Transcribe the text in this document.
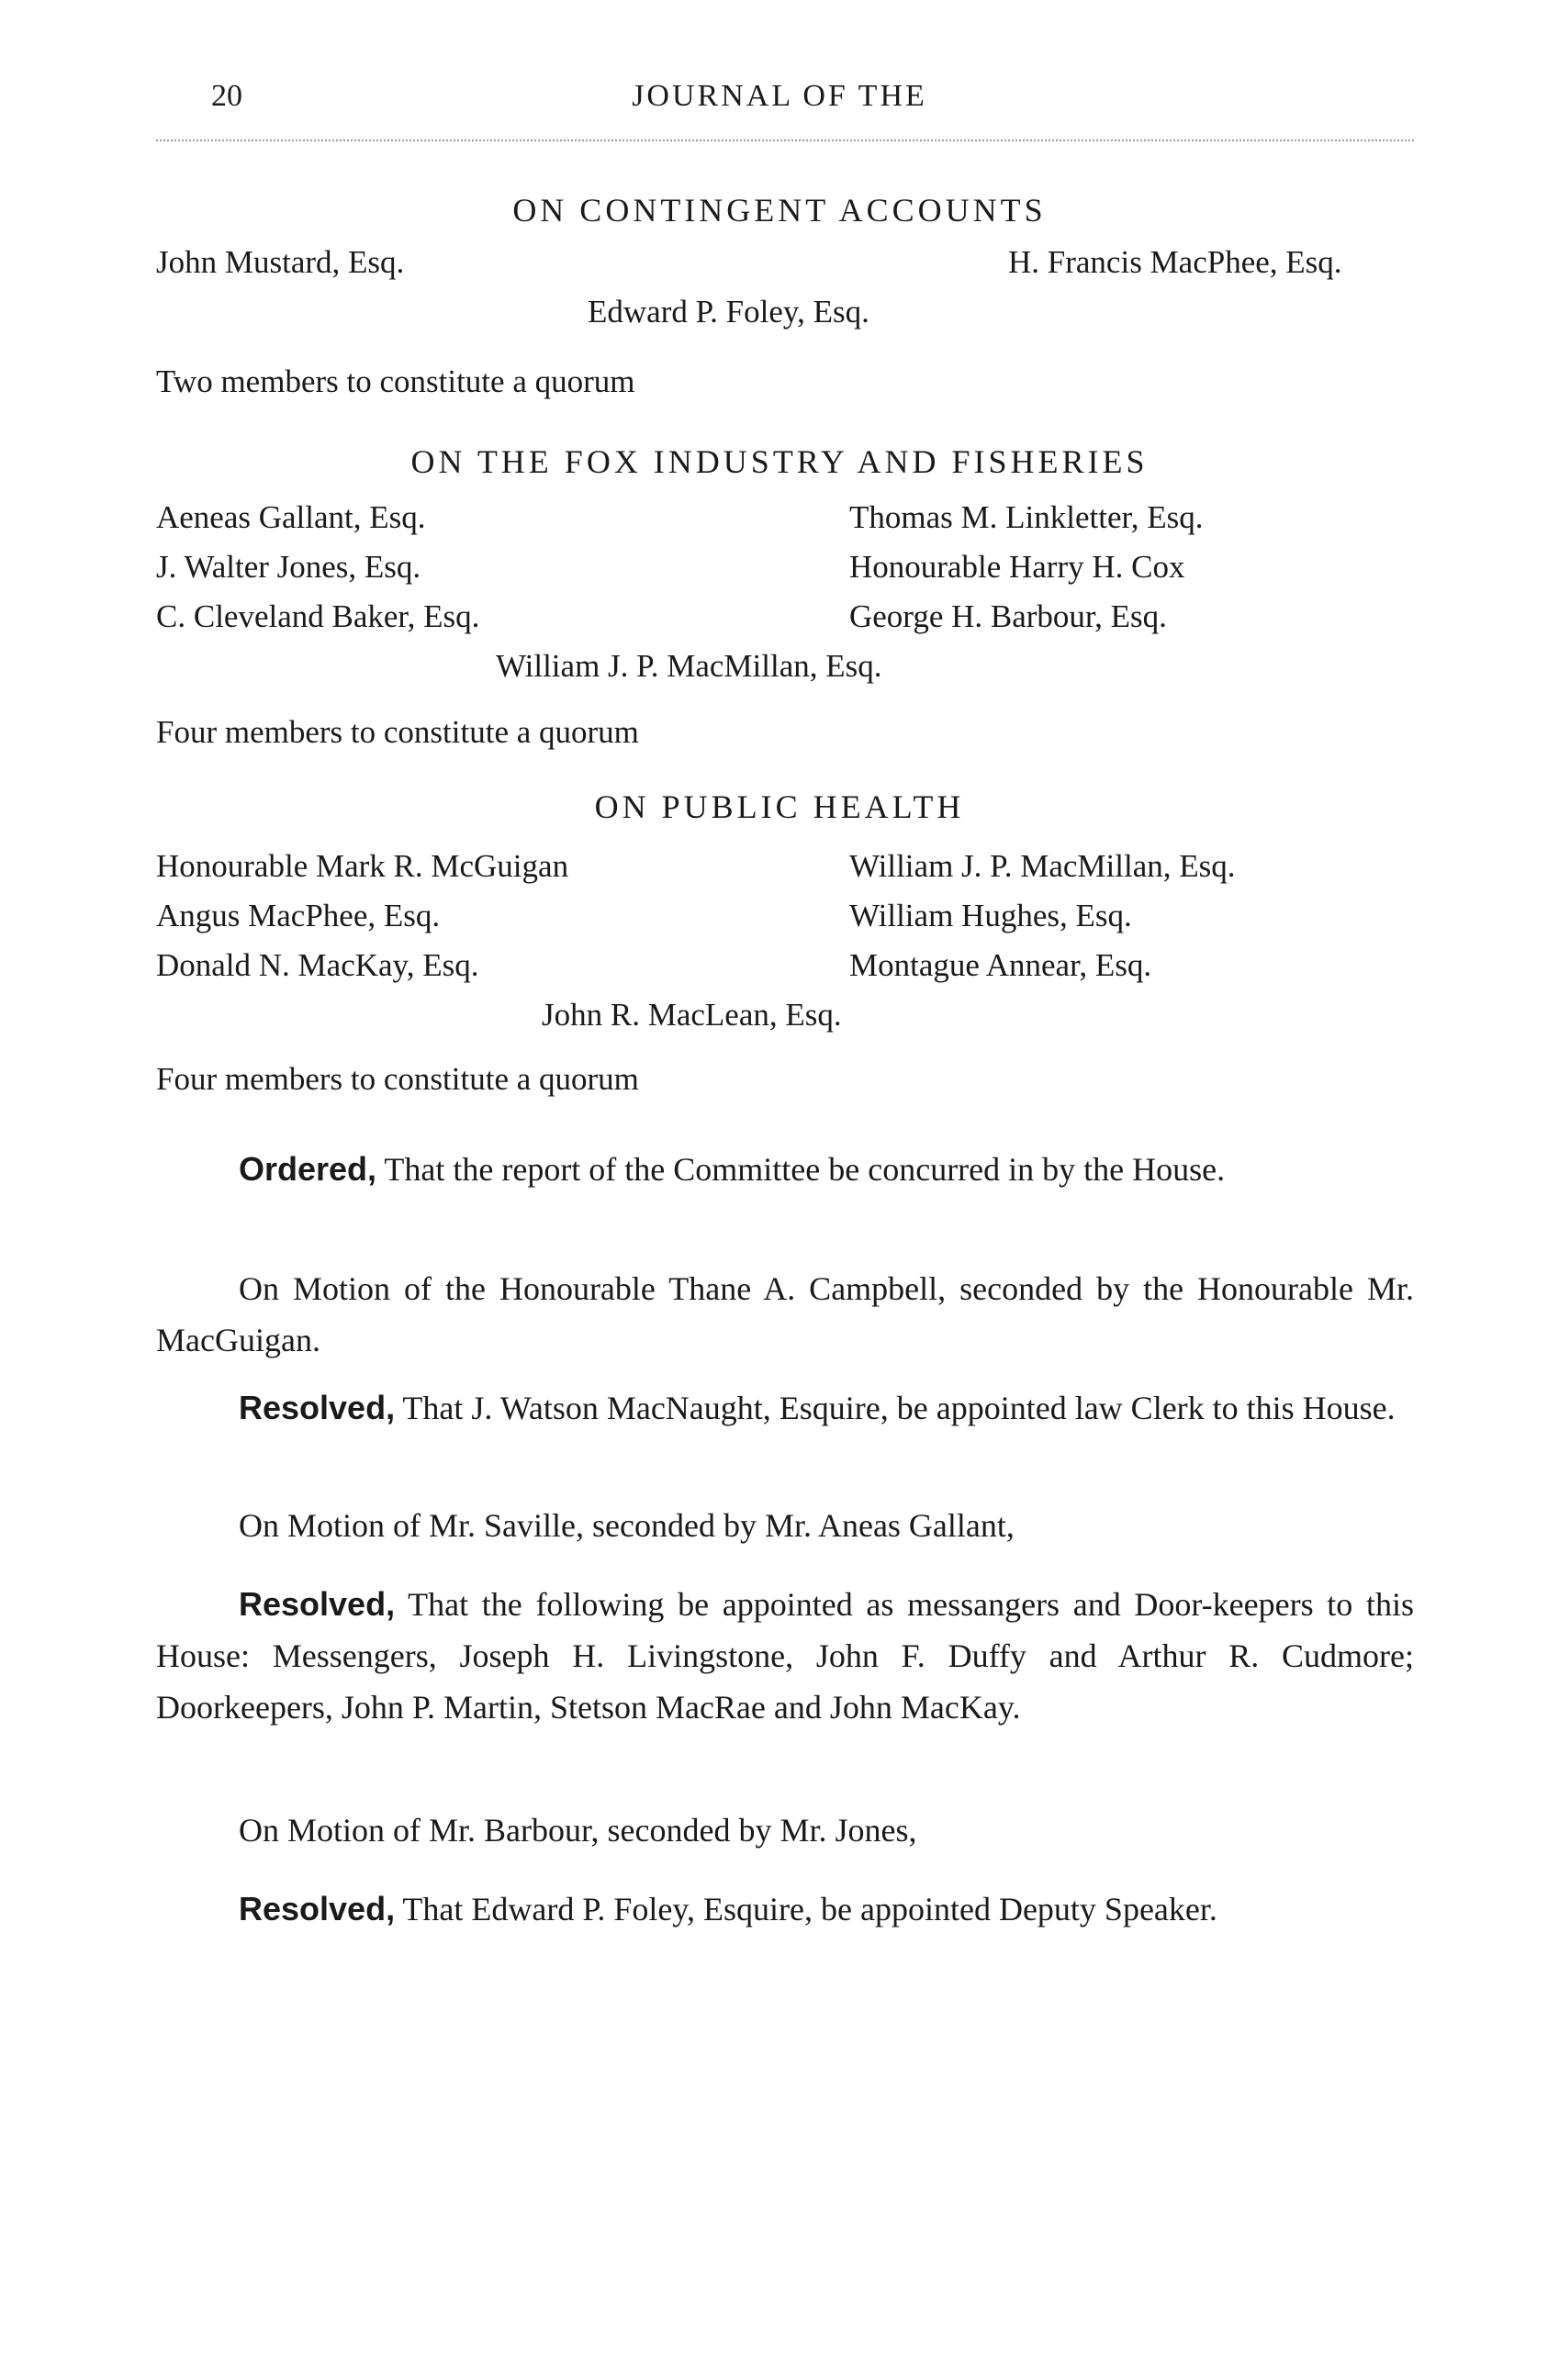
20	JOURNAL OF THE
ON CONTINGENT ACCOUNTS
John Mustard, Esq.	H. Francis MacPhee, Esq.
Edward P. Foley, Esq.
Two members to constitute a quorum
ON THE FOX INDUSTRY AND FISHERIES
Aeneas Gallant, Esq.	Thomas M. Linkletter, Esq.
J. Walter Jones, Esq.	Honourable Harry H. Cox
C. Cleveland Baker, Esq.	George H. Barbour, Esq.
William J. P. MacMillan, Esq.
Four members to constitute a quorum
ON PUBLIC HEALTH
Honourable Mark R. McGuigan	William J. P. MacMillan, Esq.
Angus MacPhee, Esq.	William Hughes, Esq.
Donald N. MacKay, Esq.	Montague Annear, Esq.
John R. MacLean, Esq.
Four members to constitute a quorum
Ordered, That the report of the Committee be concurred in by the House.
On Motion of the Honourable Thane A. Campbell, seconded by the Honourable Mr. MacGuigan.
Resolved, That J. Watson MacNaught, Esquire, be appointed law Clerk to this House.
On Motion of Mr. Saville, seconded by Mr. Aneas Gallant,
Resolved, That the following be appointed as messangers and Door-keepers to this House: Messengers, Joseph H. Livingstone, John F. Duffy and Arthur R. Cudmore; Doorkeepers, John P. Martin, Stetson MacRae and John MacKay.
On Motion of Mr. Barbour, seconded by Mr. Jones,
Resolved, That Edward P. Foley, Esquire, be appointed Deputy Speaker.
